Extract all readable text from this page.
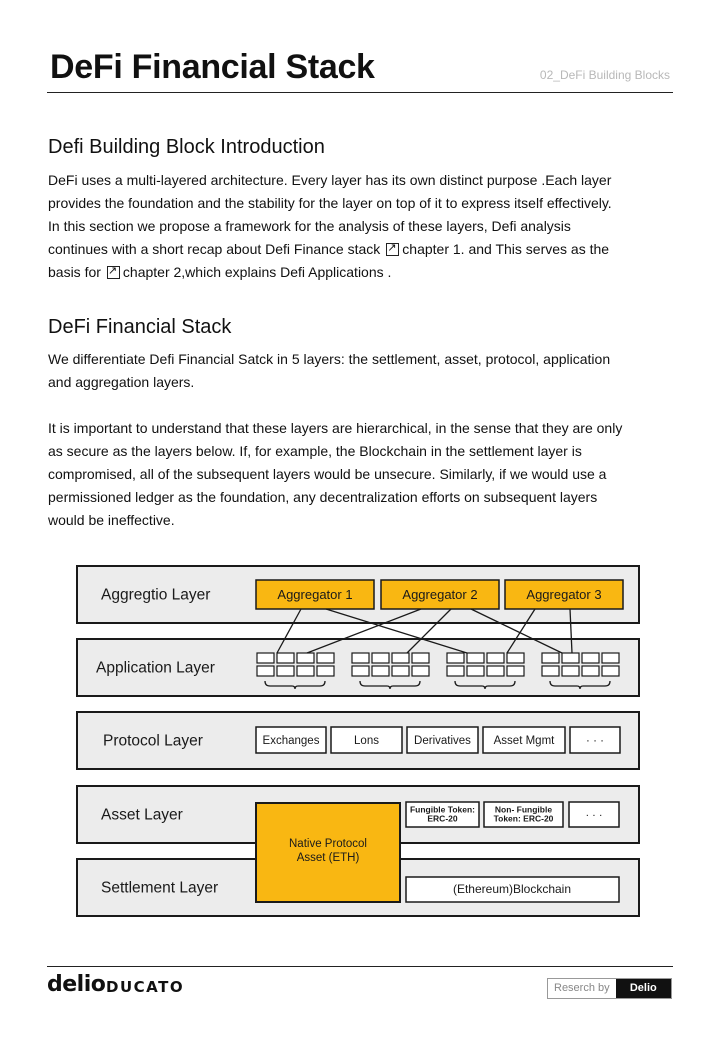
DeFi Financial Stack	02_DeFi Building Blocks
Defi Building Block Introduction
DeFi uses a multi-layered architecture. Every layer has its own distinct purpose .Each layer
provides the foundation and the stability for the layer on top of it to express itself effectively.
In this section we propose a framework for the analysis of these layers, Defi analysis
continues with a short recap about Defi Finance stack ↗ chapter 1. and This serves as the
basis for ↗ chapter 2,which explains Defi Applications .
DeFi Financial Stack
We differentiate Defi Financial Satck in 5 layers: the settlement, asset, protocol, application
and aggregation layers.
It is important to understand that these layers are hierarchical, in the sense that they are only
as secure as the layers below. If, for example, the Blockchain in the settlement layer is
compromised, all of the subsequent layers would be unsecure. Similarly, if we would use a
permissioned ledger as the foundation, any decentralization efforts on subsequent layers
would be ineffective.
Aggregtio Layer
Application Layer
Protocol Layer
Asset Layer
Settlement Layer
Aggregator 1	Aggregator 2	Aggregator 3
Exchanges	Lons	Derivatives Asset Mgmt	· · ·
Native Protocol
Asset (ETH)
Fungible Token:
ERC-20
Non- Fungible
Token: ERC-20	· · ·
(Ethereum)Blockchain
delio DUCATO	Reserch by	Delio LABS
